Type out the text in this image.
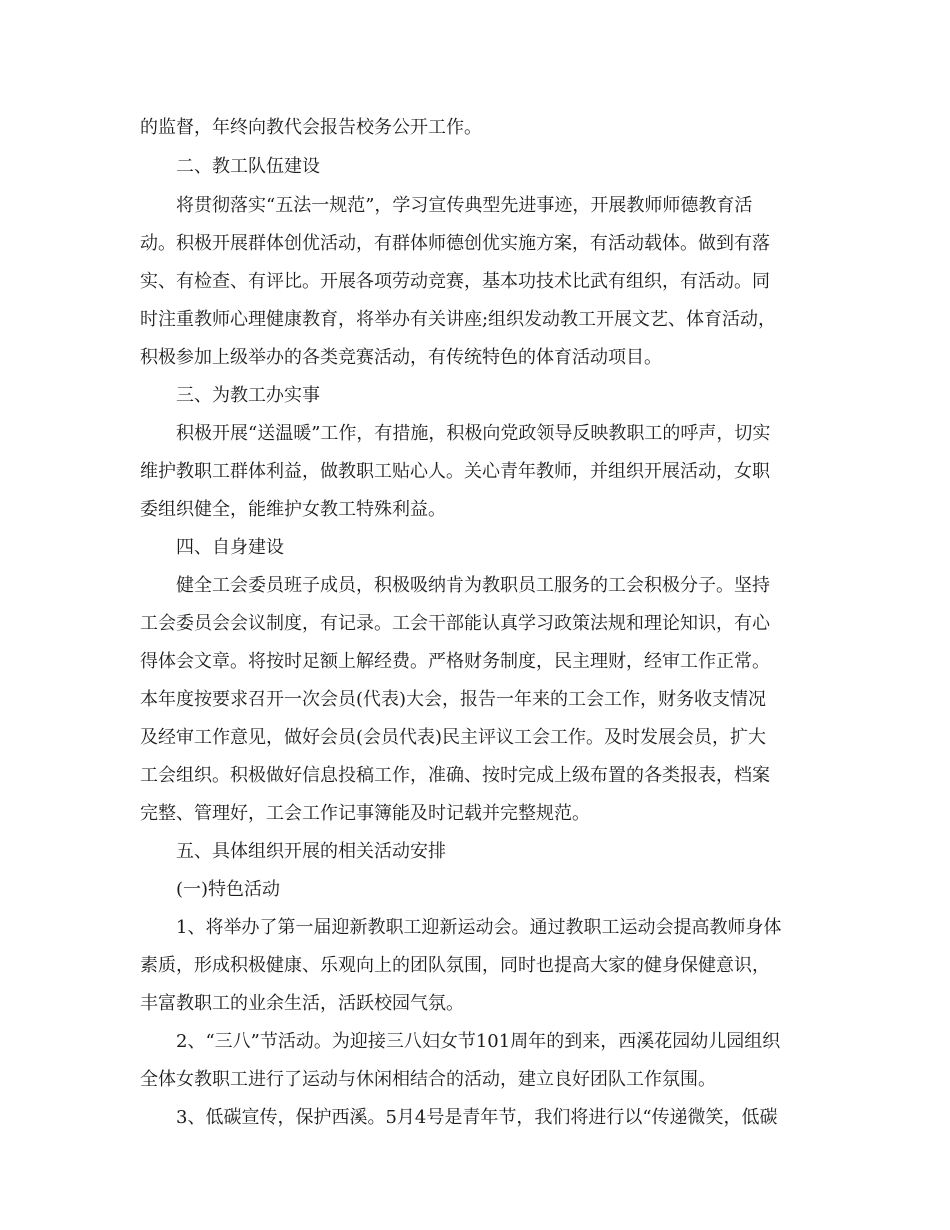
的监督，年终向教代会报告校务公开工作。
二、教工队伍建设
将贯彻落实“五法一规范”，学习宣传典型先进事迹，开展教师师德教育活
动。积极开展群体创优活动，有群体师德创优实施方案，有活动载体。做到有落
实、有检查、有评比。开展各项劳动竞赛，基本功技术比武有组织，有活动。同
时注重教师心理健康教育，将举办有关讲座;组织发动教工开展文艺、体育活动，
积极参加上级举办的各类竞赛活动，有传统特色的体育活动项目。
三、为教工办实事
积极开展“送温暖”工作，有措施，积极向党政领导反映教职工的呼声，切实
维护教职工群体利益，做教职工贴心人。关心青年教师，并组织开展活动，女职
委组织健全，能维护女教工特殊利益。
四、自身建设
健全工会委员班子成员，积极吸纳肯为教职员工服务的工会积极分子。坚持
工会委员会会议制度，有记录。工会干部能认真学习政策法规和理论知识，有心
得体会文章。将按时足额上解经费。严格财务制度，民主理财，经审工作正常。
本年度按要求召开一次会员(代表)大会，报告一年来的工会工作，财务收支情况
及经审工作意见，做好会员(会员代表)民主评议工会工作。及时发展会员，扩大
工会组织。积极做好信息投稿工作，准确、按时完成上级布置的各类报表，档案
完整、管理好，工会工作记事簿能及时记载并完整规范。
五、具体组织开展的相关活动安排
(一)特色活动
1、将举办了第一届迎新教职工迎新运动会。通过教职工运动会提高教师身体
素质，形成积极健康、乐观向上的团队氛围，同时也提高大家的健身保健意识，
丰富教职工的业余生活，活跃校园气氛。
2、“三八”节活动。为迎接三八妇女节101周年的到来，西溪花园幼儿园组织
全体女教职工进行了运动与休闲相结合的活动，建立良好团队工作氛围。
3、低碳宣传，保护西溪。5月4号是青年节，我们将进行以“传递微笑，低碳
